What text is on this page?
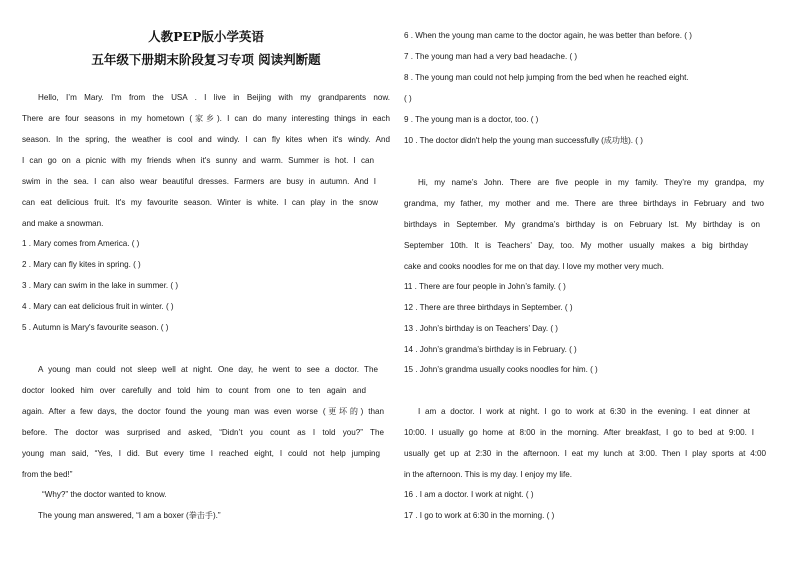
人教PEP版小学英语
五年级下册期末阶段复习专项 阅读判断题
Hello, I’m Mary. I'm from the USA . I live in Beijing with my grandparents now.
There are four seasons in my hometown (家乡). I can do many interesting things in each
season. In the spring, the weather is cool and windy. I can fly kites when it's windy. And
I can go on a picnic with my friends when it's sunny and warm. Summer is hot. I can
swim in the sea. I can also wear beautiful dresses. Farmers are busy in autumn. And I
can eat delicious fruit. It's my favourite season. Winter is white. I can play in the snow
and make a snowman.
1 . Mary comes from America. ( )
2 . Mary can fly kites in spring. ( )
3 . Mary can swim in the lake in summer. ( )
4 . Mary can eat delicious fruit in winter. ( )
5 . Autumn is Mary's favourite season. ( )
A young man could not sleep well at night. One day, he went to see a doctor. The
doctor looked him over carefully and told him to count from one to ten again and
again. After a few days, the doctor found the young man was even worse (更坏的) than
before. The doctor was surprised and asked, “Didn’t you count as I told you?” The
young man said, “Yes, I did. But every time I reached eight, I could not help jumping
from the bed!”
“Why?” the doctor wanted to know.
The young man answered, “I am a boxer (拳击手).”
6 . When the young man came to the doctor again, he was better than before. ( )
7 . The young man had a very bad headache. ( )
8 . The young man could not help jumping from the bed when he reached eight.
( )
9 . The young man is a doctor, too. ( )
10 . The doctor didn't help the young man successfully (成功地). ( )
Hi, my name’s John. There are five people in my family. They’re my grandpa, my
grandma, my father, my mother and me. There are three birthdays in February and two
birthdays in September. My grandma’s birthday is on February lst. My birthday is on
September 10th. It is Teachers’ Day, too. My mother usually makes a big birthday
cake and cooks noodles for me on that day. I love my mother very much.
11 . There are four people in John’s family. ( )
12 . There are three birthdays in September. ( )
13 . John’s birthday is on Teachers’ Day. ( )
14 . John’s grandma’s birthday is in February. ( )
15 . John’s grandma usually cooks noodles for him. ( )
I am a doctor. I work at night. I go to work at 6:30 in the evening. I eat dinner at
10:00. I usually go home at 8:00 in the morning. After breakfast, I go to bed at 9:00. I
usually get up at 2:30 in the afternoon. I eat my lunch at 3:00. Then I play sports at 4:00
in the afternoon. This is my day. I enjoy my life.
16 . I am a doctor. I work at night. ( )
17 . I go to work at 6:30 in the morning. ( )
